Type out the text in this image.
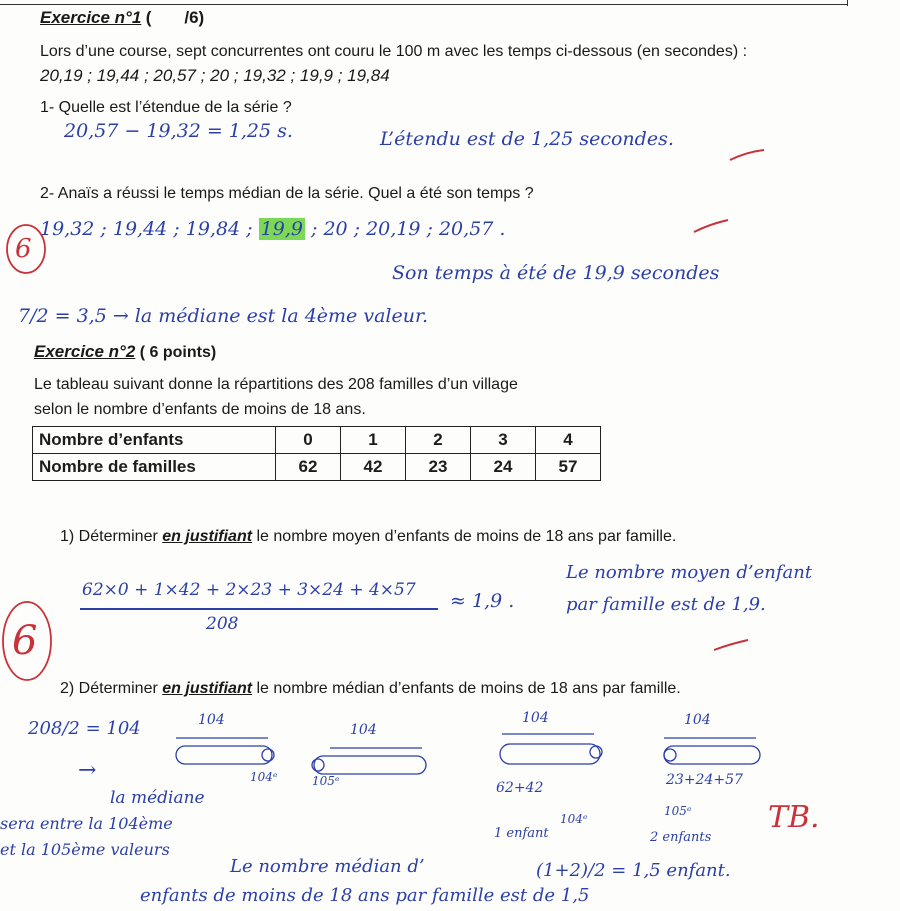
Exercice n°1 ( /6)
Lors d’une course, sept concurrentes ont couru le 100 m avec les temps ci-dessous (en secondes) :
20,19 ; 19,44 ; 20,57 ; 20 ; 19,32 ; 19,9 ; 19,84
1- Quelle est l’étendue de la série ?
20,57 − 19,32 = 1,25 s.	L’étendu est de 1,25 secondes.
2- Anaïs a réussi le temps médian de la série. Quel a été son temps ?
19,32 ; 19,44 ; 19,84 ; 19,9 ; 20 ; 20,19 ; 20,57 .
Son temps à été de 19,9 secondes
7/2 = 3,5 → la médiane est la 4ème valeur.
6
Exercice n°2 ( 6 points)
Le tableau suivant donne la répartitions des 208 familles d’un village
selon le nombre d’enfants de moins de 18 ans.
Nombre d’enfants	0	1	2	3	4
Nombre de familles	62	42	23	24	57
1) Déterminer en justifiant le nombre moyen d’enfants de moins de 18 ans par famille.
62×0 + 1×42 + 2×23 + 3×24 + 4×57
208
≈ 1,9 .
Le nombre moyen d’enfant
par famille est de 1,9.
6
2) Déterminer en justifiant le nombre médian d’enfants de moins de 18 ans par famille.
208/2 = 104
→
la médiane
sera entre la 104ème
et la 105ème valeurs
104
104ᵉ
104
105ᵉ
104
62+42
104ᵉ
1 enfant
104
23+24+57
105ᵉ
2 enfants
TB.
Le nombre médian d’	(1+2)/2 = 1,5 enfant.
enfants de moins de 18 ans par famille est de 1,5
